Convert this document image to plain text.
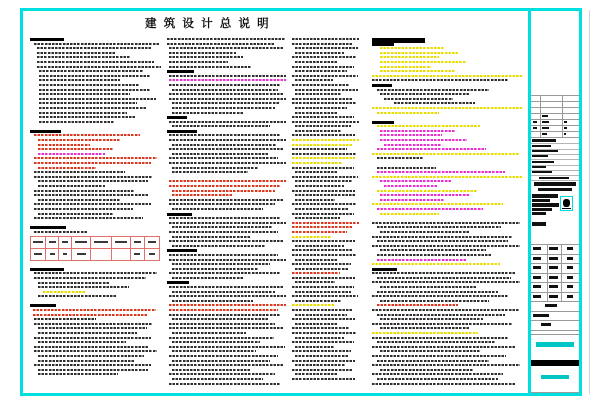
建 筑 设 计 总 说 明
